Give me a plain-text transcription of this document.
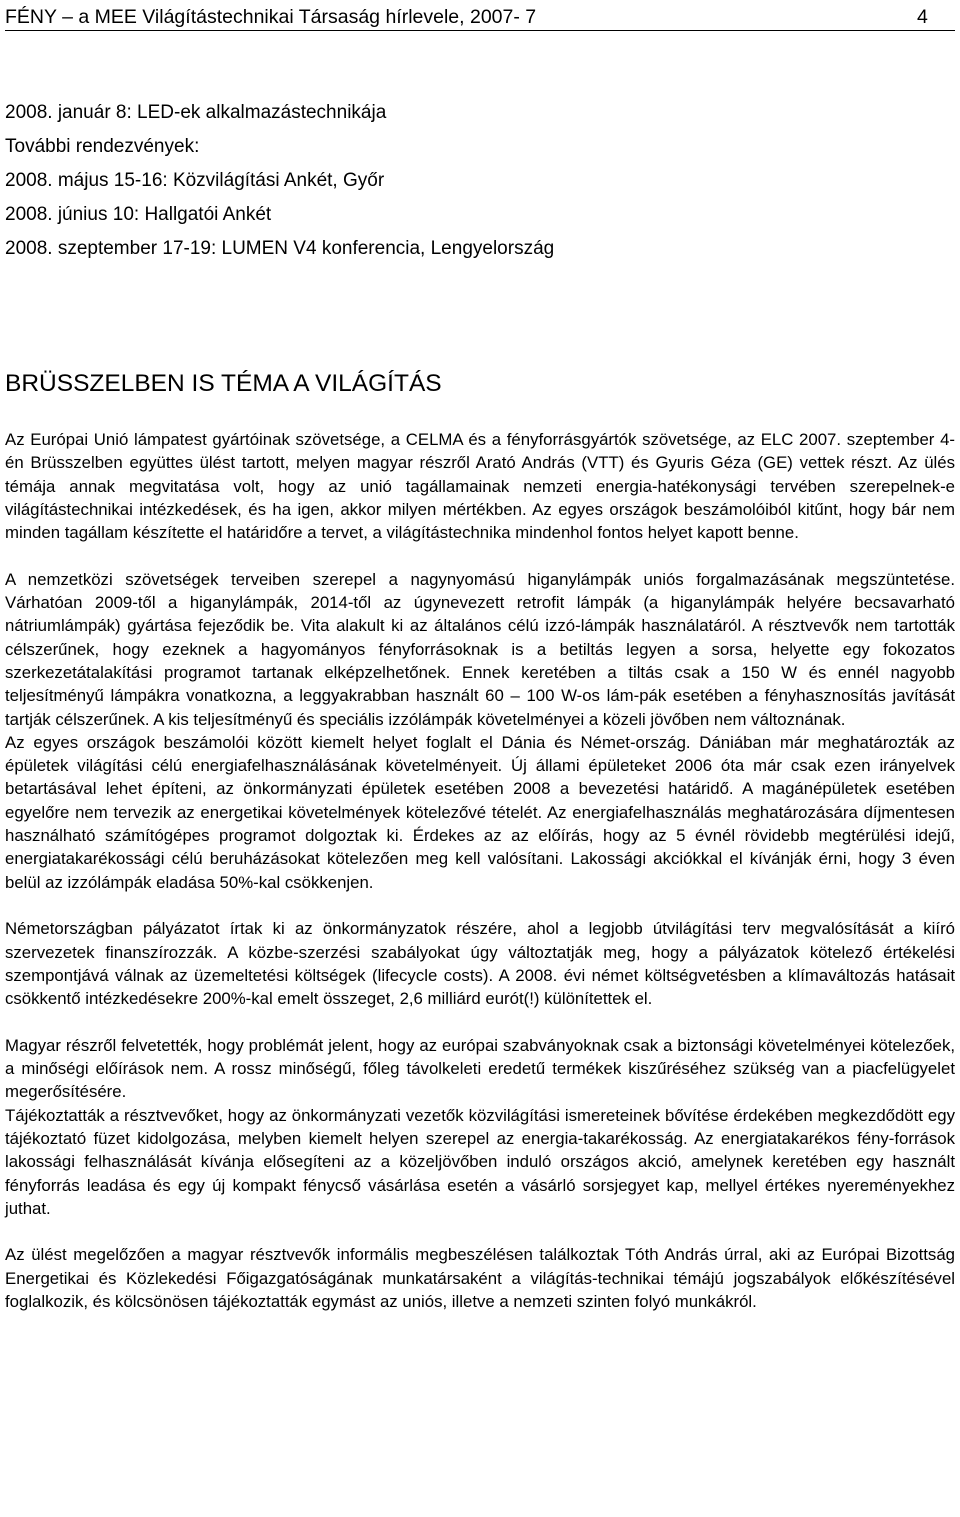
FÉNY – a MEE Világítástechnikai Társaság hírlevele, 2007- 7	4
2008. január 8: LED-ek alkalmazástechnikája
További rendezvények:
2008. május 15-16: Közvilágítási Ankét, Győr
2008. június 10: Hallgatói Ankét
2008. szeptember 17-19: LUMEN V4 konferencia, Lengyelország
BRÜSSZELBEN IS TÉMA A VILÁGÍTÁS

Az Európai Unió lámpatest gyártóinak szövetsége, a CELMA és a fényforrásgyártók szövetsége, az ELC 2007. szeptember 4-én Brüsszelben együttes ülést tartott, melyen magyar részről Arató András (VTT) és Gyuris Géza (GE) vettek részt. Az ülés témája annak megvitatása volt, hogy az unió tagállamainak nemzeti energia-hatékonysági tervében szerepelnek-e világítástechnikai intézkedések, és ha igen, akkor milyen mértékben. Az egyes országok beszámolóiból kitűnt, hogy bár nem minden tagállam készítette el határidőre a tervet, a világítástechnika mindenhol fontos helyet kapott benne.

A nemzetközi szövetségek terveiben szerepel a nagynyomású higanylámpák uniós forgalmazásának megszüntetése. Várhatóan 2009-től a higanylámpák, 2014-től az úgynevezett retrofit lámpák (a higanylámpák helyére becsavarható nátriumlámpák) gyártása fejeződik be. Vita alakult ki az általános célú izzó-lámpák használatáról. A résztvevők nem tartották célszerűnek, hogy ezeknek a hagyományos fényforrásoknak is a betiltás legyen a sorsa, helyette egy fokozatos szerkezetátalakítási programot tartanak elképzelhetőnek. Ennek keretében a tiltás csak a 150 W és ennél nagyobb teljesítményű lámpákra vonatkozna, a leggyakrabban használt 60 – 100 W-os lám-pák esetében a fényhasznosítás javítását tartják célszerűnek. A kis teljesítményű és speciális izzólámpák követelményei a közeli jövőben nem változnának.

Az egyes országok beszámolói között kiemelt helyet foglalt el Dánia és Német-ország. Dániában már meghatározták az épületek világítási célú energiafelhasználásának követelményeit. Új állami épületeket 2006 óta már csak ezen irányelvek betartásával lehet építeni, az önkormányzati épületek esetében 2008 a bevezetési határidő. A magánépületek esetében egyelőre nem tervezik az energetikai követelmények kötelezővé tételét. Az energiafelhasználás meghatározására díjmentesen használható számítógépes programot dolgoztak ki. Érdekes az az előírás, hogy az 5 évnél rövidebb megtérülési idejű, energiatakarékossági célú beruházásokat kötelezően meg kell valósítani. Lakossági akciókkal el kívánják érni, hogy 3 éven belül az izzólámpák eladása 50%-kal csökkenjen.

Németországban pályázatot írtak ki az önkormányzatok részére, ahol a legjobb útvilágítási terv megvalósítását a kiíró szervezetek finanszírozzák. A közbe-szerzési szabályokat úgy változtatják meg, hogy a pályázatok kötelező értékelési szempontjává válnak az üzemeltetési költségek (lifecycle costs). A 2008. évi német költségvetésben a klímaváltozás hatásait csökkentő intézkedésekre 200%-kal emelt összeget, 2,6 milliárd eurót(!) különítettek el.

Magyar részről felvetették, hogy problémát jelent, hogy az európai szabványoknak csak a biztonsági követelményei kötelezőek, a minőségi előírások nem. A rossz minőségű, főleg távolkeleti eredetű termékek kiszűréséhez szükség van a piacfelügyelet megerősítésére.

Tájékoztatták a résztvevőket, hogy az önkormányzati vezetők közvilágítási ismereteinek bővítése érdekében megkezdődött egy tájékoztató füzet kidolgozása, melyben kiemelt helyen szerepel az energia-takarékosság. Az energiatakarékos fény-források lakossági felhasználását kívánja elősegíteni az a közeljövőben induló országos akció, amelynek keretében egy használt fényforrás leadása és egy új kompakt fénycső vásárlása esetén a vásárló sorsjegyet kap, mellyel értékes nyereményekhez juthat.

Az ülést megelőzően a magyar résztvevők informális megbeszélésen találkoztak Tóth András úrral, aki az Európai Bizottság Energetikai és Közlekedési Főigazgatóságának munkatársaként a világítás-technikai témájú jogszabályok előkészítésével foglalkozik, és kölcsönösen tájékoztatták egymást az uniós, illetve a nemzeti szinten folyó munkákról.
